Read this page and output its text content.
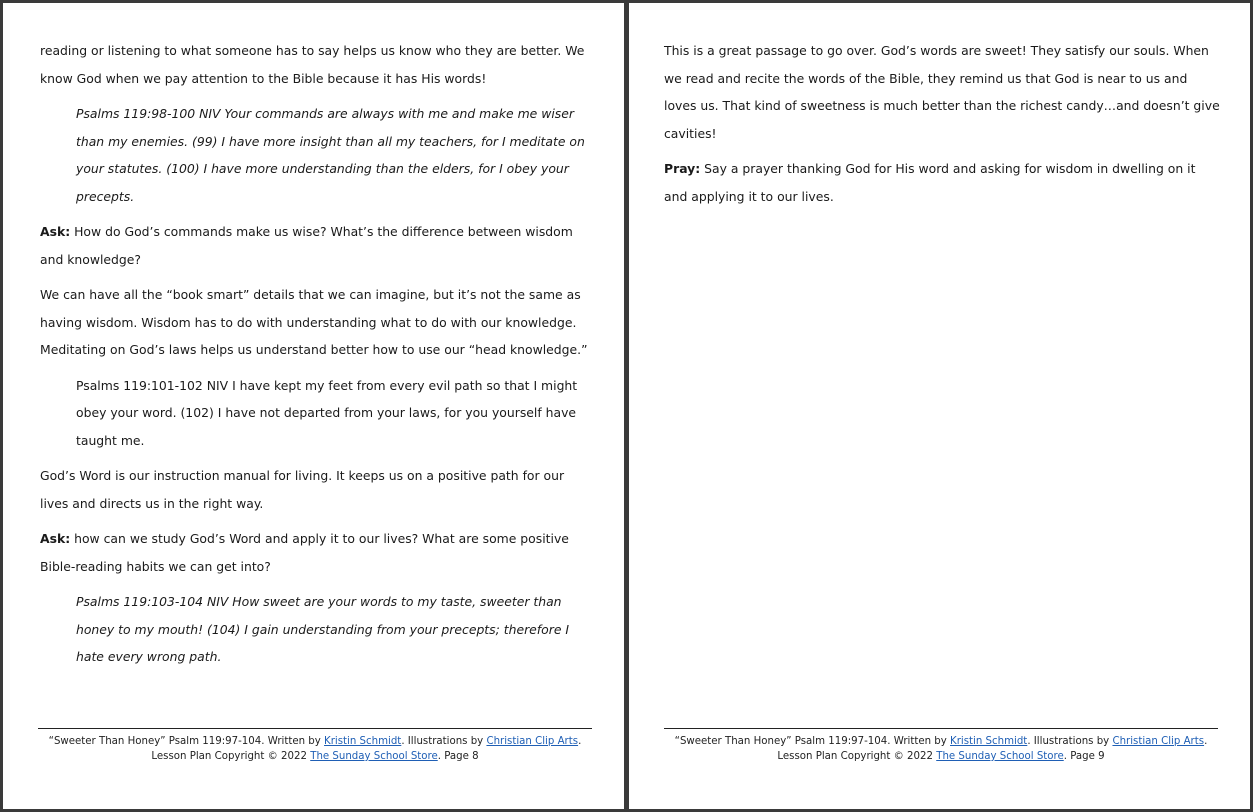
reading or listening to what someone has to say helps us know who they are better. We know God when we pay attention to the Bible because it has His words!

Psalms 119:98-100 NIV Your commands are always with me and make me wiser than my enemies. (99) I have more insight than all my teachers, for I meditate on your statutes. (100) I have more understanding than the elders, for I obey your precepts.

Ask: How do God’s commands make us wise? What’s the difference between wisdom and knowledge?

We can have all the “book smart” details that we can imagine, but it’s not the same as having wisdom. Wisdom has to do with understanding what to do with our knowledge. Meditating on God’s laws helps us understand better how to use our “head knowledge.”

Psalms 119:101-102 NIV I have kept my feet from every evil path so that I might obey your word. (102) I have not departed from your laws, for you yourself have taught me.

God’s Word is our instruction manual for living. It keeps us on a positive path for our lives and directs us in the right way.

Ask: how can we study God’s Word and apply it to our lives? What are some positive Bible-reading habits we can get into?

Psalms 119:103-104 NIV How sweet are your words to my taste, sweeter than honey to my mouth! (104) I gain understanding from your precepts; therefore I hate every wrong path.

“Sweeter Than Honey” Psalm 119:97-104. Written by Kristin Schmidt. Illustrations by Christian Clip Arts.
Lesson Plan Copyright © 2022 The Sunday School Store. Page 8

This is a great passage to go over. God’s words are sweet! They satisfy our souls. When we read and recite the words of the Bible, they remind us that God is near to us and loves us. That kind of sweetness is much better than the richest candy…and doesn’t give cavities!

Pray: Say a prayer thanking God for His word and asking for wisdom in dwelling on it and applying it to our lives.

“Sweeter Than Honey” Psalm 119:97-104. Written by Kristin Schmidt. Illustrations by Christian Clip Arts.
Lesson Plan Copyright © 2022 The Sunday School Store. Page 9
